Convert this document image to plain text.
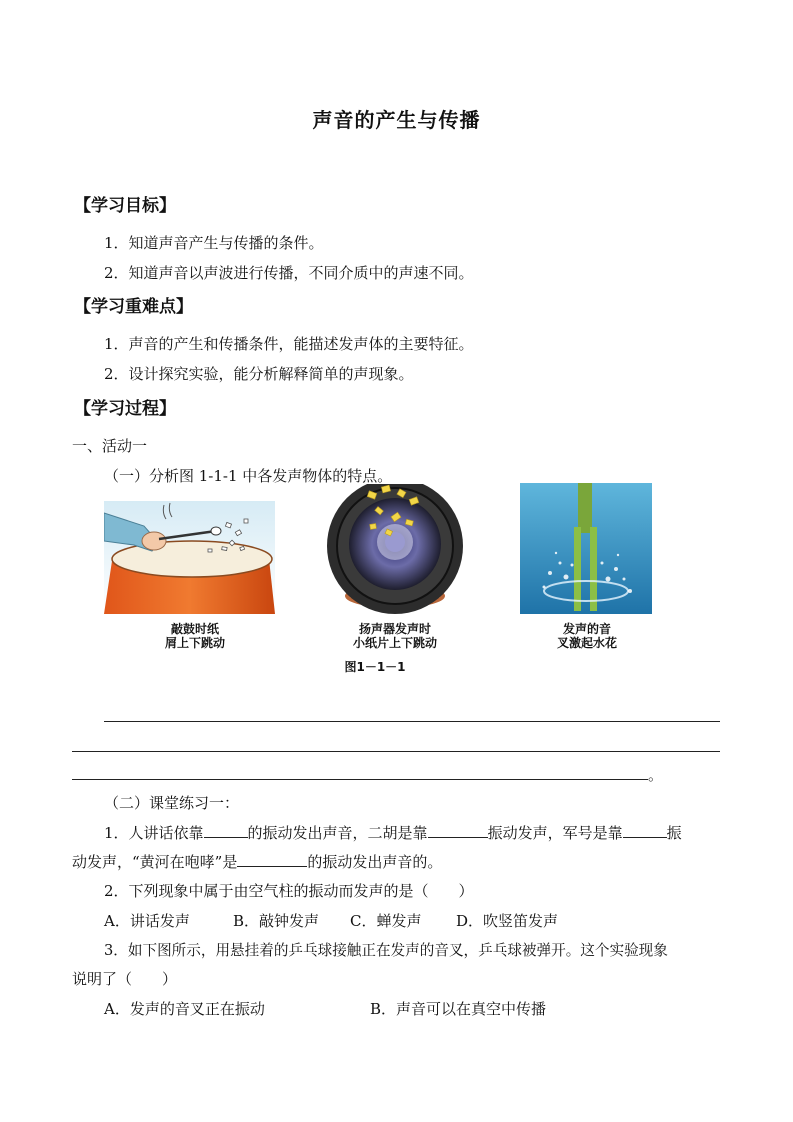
声音的产生与传播
【学习目标】
1．知道声音产生与传播的条件。
2．知道声音以声波进行传播，不同介质中的声速不同。
【学习重难点】
1．声音的产生和传播条件，能描述发声体的主要特征。
2．设计探究实验，能分析解释简单的声现象。
【学习过程】
一、活动一
（一）分析图 1-1-1 中各发声物体的特点。
敲鼓时纸
屑上下跳动
扬声器发声时
小纸片上下跳动
图1－1－1
发声的音
叉激起水花
。
（二）课堂练习一：
1．人讲话依靠	的振动发出声音，二胡是靠	振动发声，军号是靠	振
动发声，“黄河在咆哮”是	的振动发出声音的。
2．下列现象中属于由空气柱的振动而发声的是（　　）
A．讲话发声	B．敲钟发声 C．蝉发声 D．吹竖笛发声
3．如下图所示，用悬挂着的乒乓球接触正在发声的音叉，乒乓球被弹开。这个实验现象
说明了（　　）
A．发声的音叉正在振动	B．声音可以在真空中传播
